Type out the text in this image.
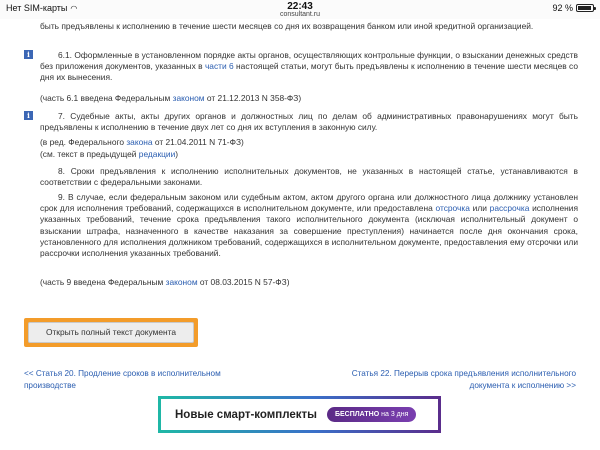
Нет SIM-карты ◠	22:43
consultant.ru
92 %
быть предъявлены к исполнению в течение шести месяцев со дня их возвращения банком или иной кредитной организацией.
i	6.1. Оформленные в установленном порядке акты органов, осуществляющих контрольные функции, о взыскании денежных средств без приложения документов, указанных в части 6 настоящей статьи, могут быть предъявлены к исполнению в течение шести месяцев со дня их вынесения.
(часть 6.1 введена Федеральным законом от 21.12.2013 N 358-ФЗ)
i	7. Судебные акты, акты других органов и должностных лиц по делам об административных правонарушениях могут быть предъявлены к исполнению в течение двух лет со дня их вступления в законную силу.
(в ред. Федерального закона от 21.04.2011 N 71-ФЗ)
(см. текст в предыдущей редакции)
8. Сроки предъявления к исполнению исполнительных документов, не указанных в настоящей статье, устанавливаются в соответствии с федеральными законами.
9. В случае, если федеральным законом или судебным актом, актом другого органа или должностного лица должнику установлен срок для исполнения требований, содержащихся в исполнительном документе, или предоставлена отсрочка или рассрочка исполнения указанных требований, течение срока предъявления такого исполнительного документа (исключая исполнительный документ о взыскании штрафа, назначенного в качестве наказания за совершение преступления) начинается после дня окончания срока, установленного для исполнения должником требований, содержащихся в исполнительном документе, предоставления ему отсрочки или рассрочки исполнения указанных требований.
(часть 9 введена Федеральным законом от 08.03.2015 N 57-ФЗ)
Открыть полный текст документа
<< Статья 20. Продление сроков в исполнительном производстве
Статья 22. Перерыв срока предъявления исполнительного документа к исполнению >>
Новые смарт-комплекты	БЕСПЛАТНО на 3 дня
